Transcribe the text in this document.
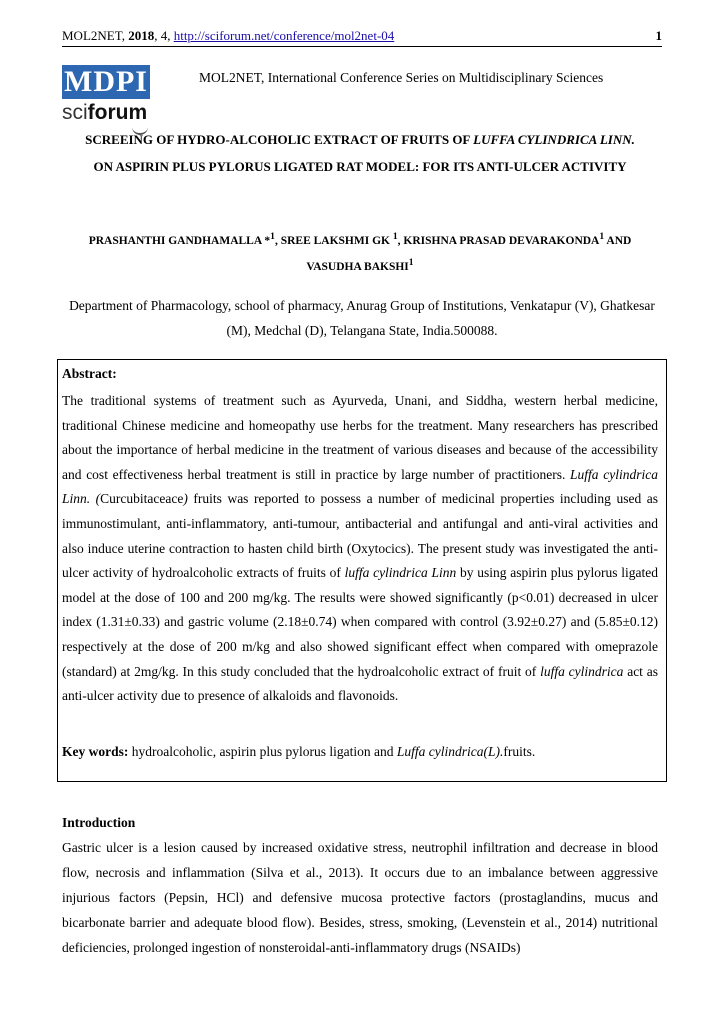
MOL2NET, 2018, 4, http://sciforum.net/conference/mol2net-04	1
MDPI
sciforum
MOL2NET, International Conference Series on Multidisciplinary Sciences
SCREEING OF HYDRO-ALCOHOLIC EXTRACT OF FRUITS OF LUFFA CYLINDRICA LINN. ON ASPIRIN PLUS PYLORUS LIGATED RAT MODEL: FOR ITS ANTI-ULCER ACTIVITY
PRASHANTHI GANDHAMALLA *$^1$, SREE LAKSHMI GK $^1$, KRISHNA PRASAD DEVARAKONDA$^1$ AND VASUDHA BAKSHI$^1$
Department of Pharmacology, school of pharmacy, Anurag Group of Institutions, Venkatapur (V), Ghatkesar (M), Medchal (D), Telangana State, India.500088.
Abstract:
The traditional systems of treatment such as Ayurveda, Unani, and Siddha, western herbal medicine, traditional Chinese medicine and homeopathy use herbs for the treatment. Many researchers has prescribed about the importance of herbal medicine in the treatment of various diseases and because of the accessibility and cost effectiveness herbal treatment is still in practice by large number of practitioners. Luffa cylindrica Linn. (Curcubitaceace) fruits was reported to possess a number of medicinal properties including used as immunostimulant, anti-inflammatory, anti-tumour, antibacterial and antifungal and anti-viral activities and also induce uterine contraction to hasten child birth (Oxytocics). The present study was investigated the anti-ulcer activity of hydroalcoholic extracts of fruits of luffa cylindrica Linn by using aspirin plus pylorus ligated model at the dose of 100 and 200 mg/kg. The results were showed significantly (p<0.01) decreased in ulcer index (1.31±0.33) and gastric volume (2.18±0.74) when compared with control (3.92±0.27) and (5.85±0.12) respectively at the dose of 200 m/kg and also showed significant effect when compared with omeprazole (standard) at 2mg/kg. In this study concluded that the hydroalcoholic extract of fruit of luffa cylindrica act as anti-ulcer activity due to presence of alkaloids and flavonoids.
Key words: hydroalcoholic, aspirin plus pylorus ligation and Luffa cylindrica(L).fruits.
Introduction
Gastric ulcer is a lesion caused by increased oxidative stress, neutrophil infiltration and decrease in blood flow, necrosis and inflammation (Silva et al., 2013). It occurs due to an imbalance between aggressive injurious factors (Pepsin, HCl) and defensive mucosa protective factors (prostaglandins, mucus and bicarbonate barrier and adequate blood flow). Besides, stress, smoking, (Levenstein et al., 2014) nutritional deficiencies, prolonged ingestion of nonsteroidal-anti-inflammatory drugs (NSAIDs)
